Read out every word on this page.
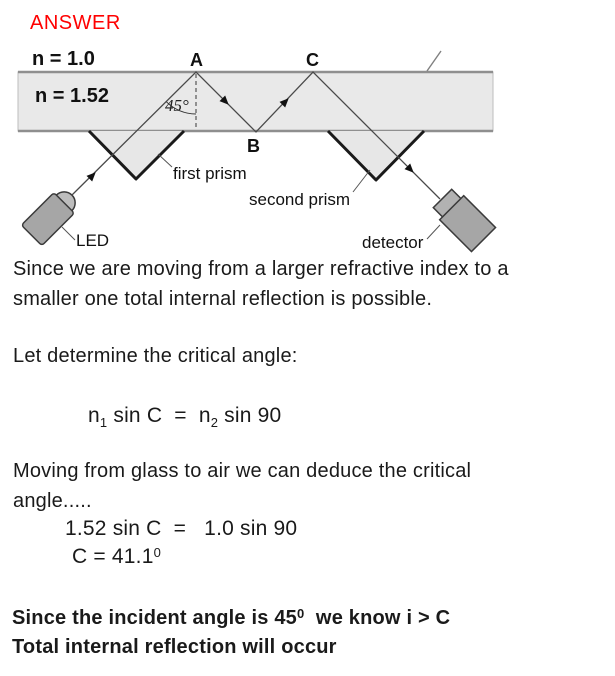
ANSWER
n = 1.0
n = 1.52
A	C
B
45°
first prism
second prism
LED	detector
Since we are moving from a larger refractive index to a
smaller one total internal reflection is possible.
Let determine the critical angle:
$n_1$ $\sin C = n_2$ sin 90
Moving from glass to air we can deduce the critical
angle.....
1.52 sin C  =   1.0 sin 90
$C = 41.1^0$
Since the incident angle is $45^0$  we know i > C
Total internal reflection will occur
